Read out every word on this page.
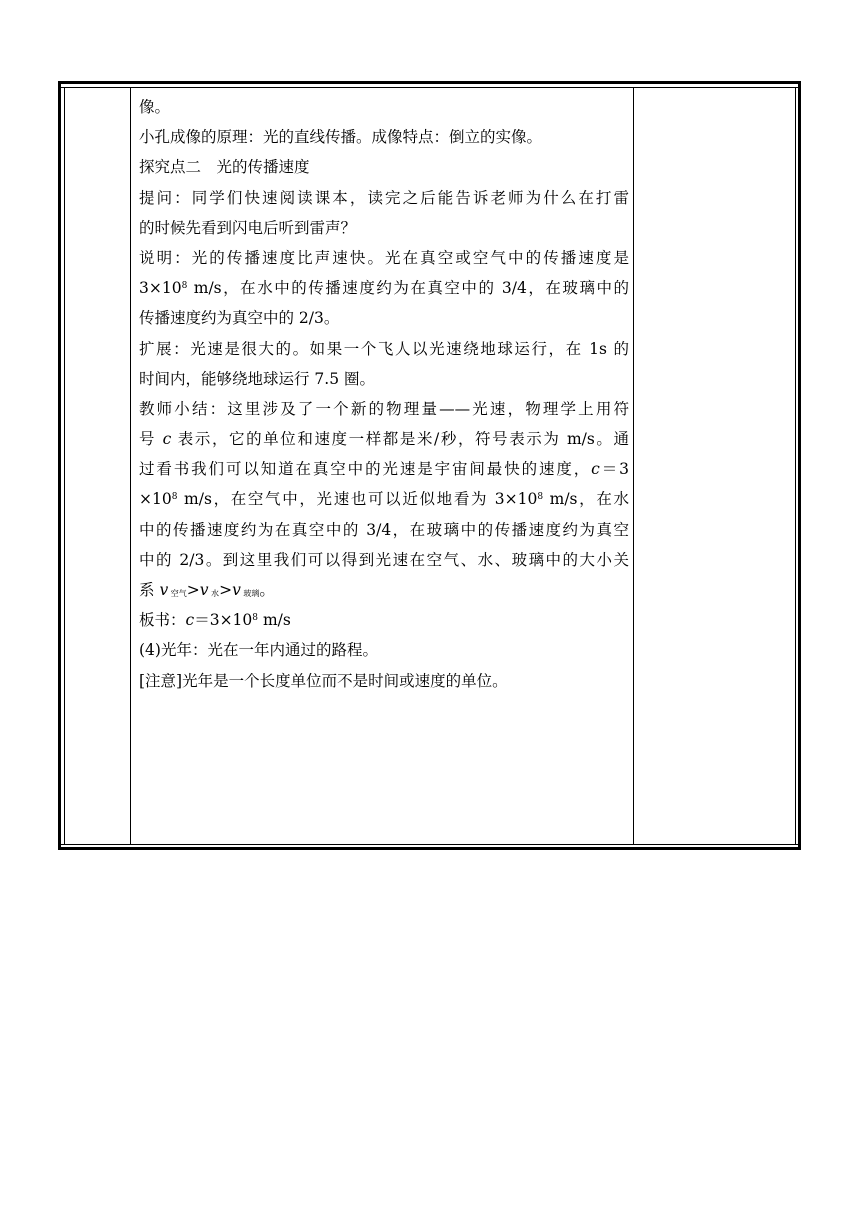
像。
小孔成像的原理：光的直线传播。成像特点：倒立的实像。
探究点二　光的传播速度
提问：同学们快速阅读课本，读完之后能告诉老师为什么在打雷
的时候先看到闪电后听到雷声？
说明：光的传播速度比声速快。光在真空或空气中的传播速度是
$3\times 10^8$ m/s，在水中的传播速度约为在真空中的 3/4，在玻璃中的
传播速度约为真空中的 2/3。
扩展：光速是很大的。如果一个飞人以光速绕地球运行，在 1s 的
时间内，能够绕地球运行 7.5 圈。
教师小结：这里涉及了一个新的物理量——光速，物理学上用符
号 c 表示，它的单位和速度一样都是米/秒，符号表示为 m/s。通
过看书我们可以知道在真空中的光速是宇宙间最快的速度，c＝3
$\times 10^8$ m/s，在空气中，光速也可以近似地看为 $3\times 10^8$ m/s，在水
中的传播速度约为在真空中的 3/4，在玻璃中的传播速度约为真空
中的 2/3。到这里我们可以得到光速在空气、水、玻璃中的大小关
系 v $_{空气}$>v $_水$>v $_{玻璃}$。
板书：$c=3\times 10^8$ m/s
(4)光年：光在一年内通过的路程。
[注意]光年是一个长度单位而不是时间或速度的单位。
